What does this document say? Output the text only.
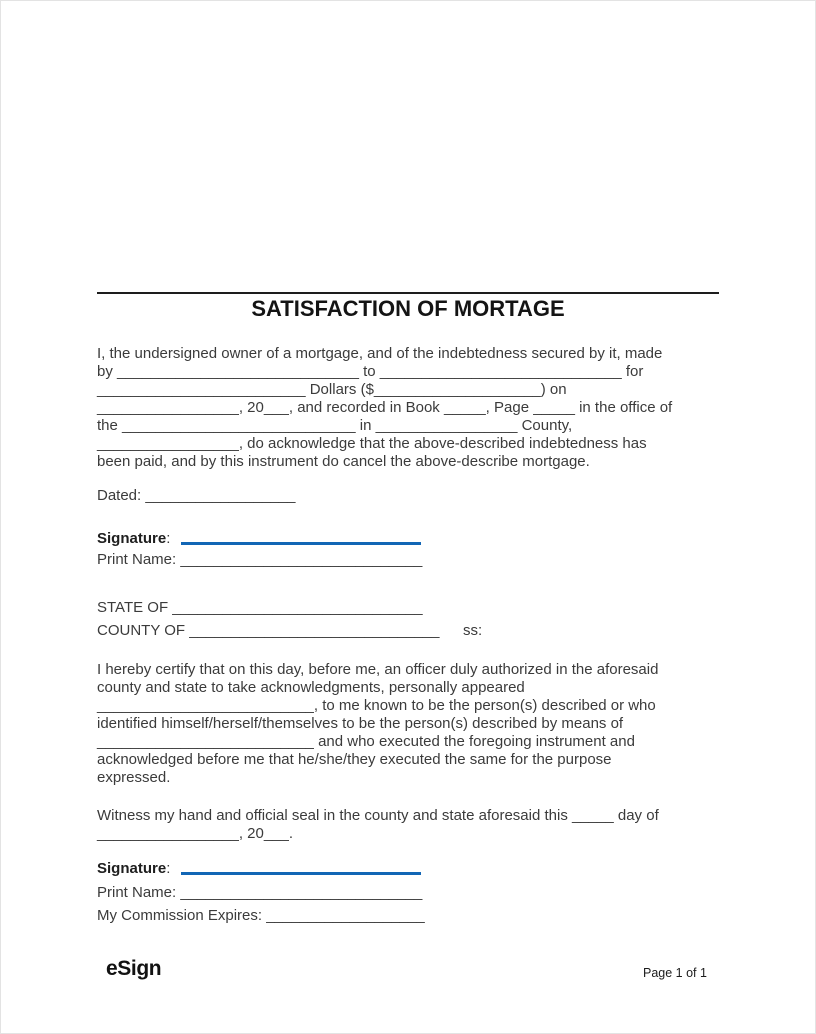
SATISFACTION OF MORTAGE
I, the undersigned owner of a mortgage, and of the indebtedness secured by it, made
by _____________________________ to _____________________________ for
_________________________ Dollars ($____________________) on
_________________, 20___, and recorded in Book _____, Page _____ in the office of
the ____________________________ in _________________ County,
_________________, do acknowledge that the above-described indebtedness has
been paid, and by this instrument do cancel the above-describe mortgage.
Dated: __________________
Signature :
Print Name: _____________________________
STATE OF ______________________________
COUNTY OF ______________________________	ss:
I hereby certify that on this day, before me, an officer duly authorized in the aforesaid
county and state to take acknowledgments, personally appeared
__________________________, to me known to be the person(s) described or who
identified himself/herself/themselves to be the person(s) described by means of
__________________________ and who executed the foregoing instrument and
acknowledged before me that he/she/they executed the same for the purpose
expressed.
Witness my hand and official seal in the county and state aforesaid this _____ day of
_________________, 20___.
Signature :
Print Name: _____________________________
My Commission Expires: ___________________
eSign	Page 1 of 1
